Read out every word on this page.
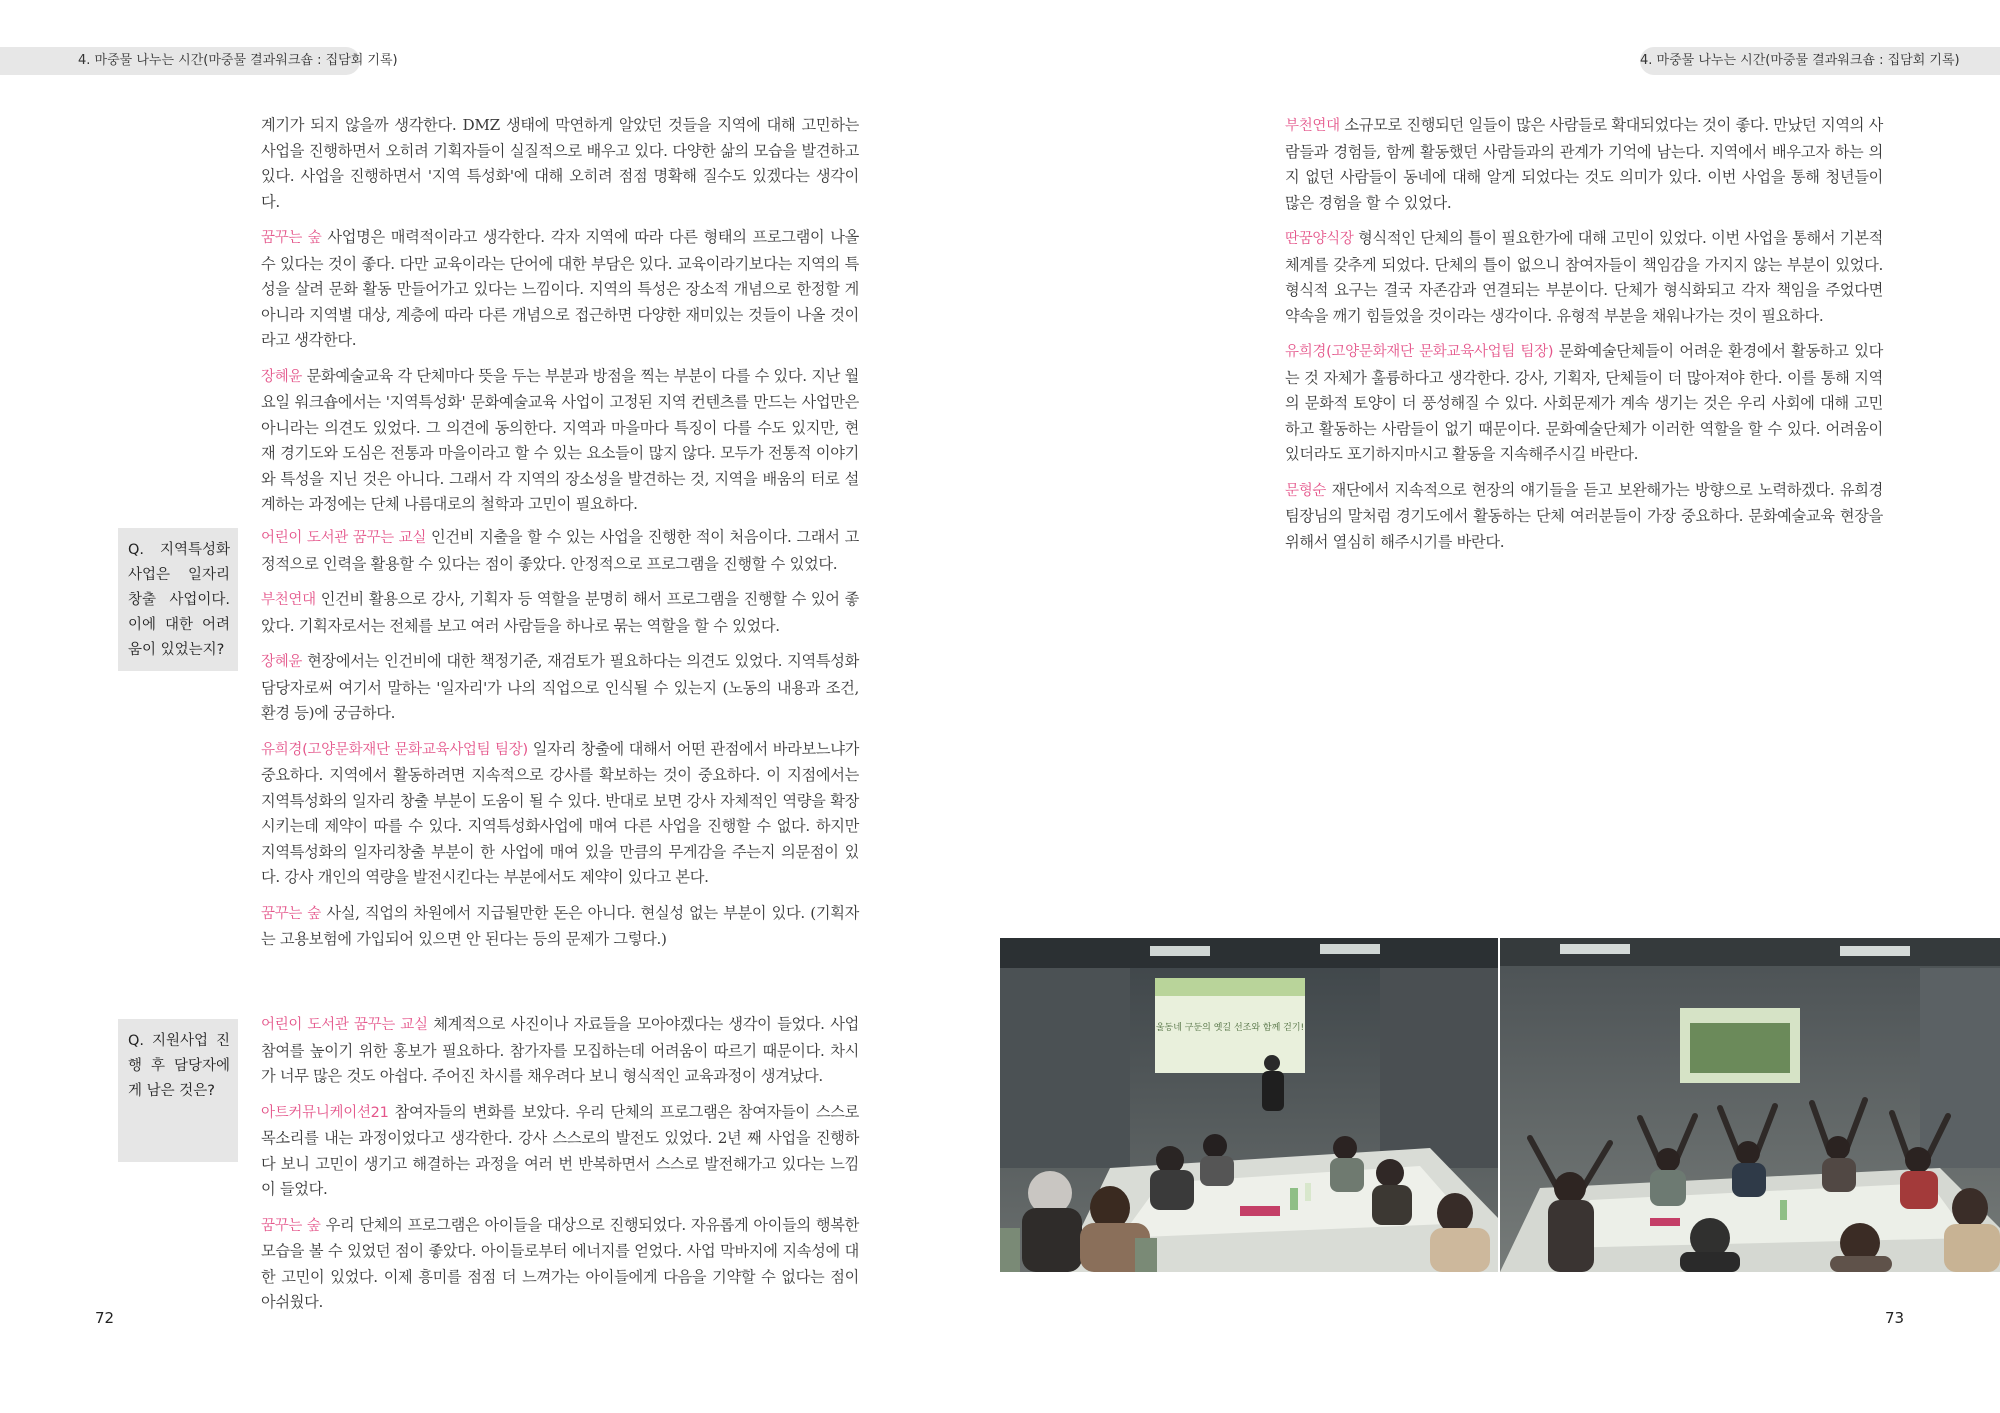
4. 마중물 나누는 시간(마중물 결과워크숍 : 집담회 기록)	4. 마중물 나누는 시간(마중물 결과워크숍 : 집담회 기록)

계기가 되지 않을까 생각한다. DMZ 생태에 막연하게 알았던 것들을 지역에 대해 고민하는 사업을 진행하면서 오히려 기획자들이 실질적으로 배우고 있다. 다양한 삶의 모습을 발견하고 있다. 사업을 진행하면서 '지역 특성화'에 대해 오히려 점점 명확해 질수도 있겠다는 생각이다.

꿈꾸는 숲 사업명은 매력적이라고 생각한다. 각자 지역에 따라 다른 형태의 프로그램이 나올 수 있다는 것이 좋다. 다만 교육이라는 단어에 대한 부담은 있다. 교육이라기보다는 지역의 특성을 살려 문화 활동 만들어가고 있다는 느낌이다. 지역의 특성은 장소적 개념으로 한정할 게 아니라 지역별 대상, 계층에 따라 다른 개념으로 접근하면 다양한 재미있는 것들이 나올 것이라고 생각한다.

장혜윤 문화예술교육 각 단체마다 뜻을 두는 부분과 방점을 찍는 부분이 다를 수 있다. 지난 월요일 워크숍에서는 '지역특성화' 문화예술교육 사업이 고정된 지역 컨텐츠를 만드는 사업만은 아니라는 의견도 있었다. 그 의견에 동의한다. 지역과 마을마다 특징이 다를 수도 있지만, 현재 경기도와 도심은 전통과 마을이라고 할 수 있는 요소들이 많지 않다. 모두가 전통적 이야기와 특성을 지닌 것은 아니다. 그래서 각 지역의 장소성을 발견하는 것, 지역을 배움의 터로 설계하는 과정에는 단체 나름대로의 철학과 고민이 필요하다.

Q. 지역특성화 사업은 일자리 창출 사업이다. 이에 대한 어려움이 있었는지?

어린이 도서관 꿈꾸는 교실 인건비 지출을 할 수 있는 사업을 진행한 적이 처음이다. 그래서 고정적으로 인력을 활용할 수 있다는 점이 좋았다. 안정적으로 프로그램을 진행할 수 있었다.

부천연대 인건비 활용으로 강사, 기획자 등 역할을 분명히 해서 프로그램을 진행할 수 있어 좋았다. 기획자로서는 전체를 보고 여러 사람들을 하나로 묶는 역할을 할 수 있었다.

장혜윤 현장에서는 인건비에 대한 책정기준, 재검토가 필요하다는 의견도 있었다. 지역특성화 담당자로써 여기서 말하는 '일자리'가 나의 직업으로 인식될 수 있는지 (노동의 내용과 조건, 환경 등)에 궁금하다.

유희경(고양문화재단 문화교육사업팀 팀장) 일자리 창출에 대해서 어떤 관점에서 바라보느냐가 중요하다. 지역에서 활동하려면 지속적으로 강사를 확보하는 것이 중요하다. 이 지점에서는 지역특성화의 일자리 창출 부분이 도움이 될 수 있다. 반대로 보면 강사 자체적인 역량을 확장시키는데 제약이 따를 수 있다. 지역특성화사업에 매여 다른 사업을 진행할 수 없다. 하지만 지역특성화의 일자리창출 부분이 한 사업에 매여 있을 만큼의 무게감을 주는지 의문점이 있다. 강사 개인의 역량을 발전시킨다는 부분에서도 제약이 있다고 본다.

꿈꾸는 숲 사실, 직업의 차원에서 지급될만한 돈은 아니다. 현실성 없는 부분이 있다. (기획자는 고용보험에 가입되어 있으면 안 된다는 등의 문제가 그렇다.)

Q. 지원사업 진행 후 담당자에게 남은 것은?

어린이 도서관 꿈꾸는 교실 체계적으로 사진이나 자료들을 모아야겠다는 생각이 들었다. 사업 참여를 높이기 위한 홍보가 필요하다. 참가자를 모집하는데 어려움이 따르기 때문이다. 차시가 너무 많은 것도 아쉽다. 주어진 차시를 채우려다 보니 형식적인 교육과정이 생겨났다.

아트커뮤니케이션21 참여자들의 변화를 보았다. 우리 단체의 프로그램은 참여자들이 스스로 목소리를 내는 과정이었다고 생각한다. 강사 스스로의 발전도 있었다. 2년 째 사업을 진행하다 보니 고민이 생기고 해결하는 과정을 여러 번 반복하면서 스스로 발전해가고 있다는 느낌이 들었다.

꿈꾸는 숲 우리 단체의 프로그램은 아이들을 대상으로 진행되었다. 자유롭게 아이들의 행복한 모습을 볼 수 있었던 점이 좋았다. 아이들로부터 에너지를 얻었다. 사업 막바지에 지속성에 대한 고민이 있었다. 이제 흥미를 점점 더 느껴가는 아이들에게 다음을 기약할 수 없다는 점이 아쉬웠다.

72

부천연대 소규모로 진행되던 일들이 많은 사람들로 확대되었다는 것이 좋다. 만났던 지역의 사람들과 경험들, 함께 활동했던 사람들과의 관계가 기억에 남는다. 지역에서 배우고자 하는 의지 없던 사람들이 동네에 대해 알게 되었다는 것도 의미가 있다. 이번 사업을 통해 청년들이 많은 경험을 할 수 있었다.

딴꿈양식장 형식적인 단체의 틀이 필요한가에 대해 고민이 있었다. 이번 사업을 통해서 기본적 체계를 갖추게 되었다. 단체의 틀이 없으니 참여자들이 책임감을 가지지 않는 부분이 있었다. 형식적 요구는 결국 자존감과 연결되는 부분이다. 단체가 형식화되고 각자 책임을 주었다면 약속을 깨기 힘들었을 것이라는 생각이다. 유형적 부분을 채워나가는 것이 필요하다.

유희경(고양문화재단 문화교육사업팀 팀장) 문화예술단체들이 어려운 환경에서 활동하고 있다는 것 자체가 훌륭하다고 생각한다. 강사, 기획자, 단체들이 더 많아져야 한다. 이를 통해 지역의 문화적 토양이 더 풍성해질 수 있다. 사회문제가 계속 생기는 것은 우리 사회에 대해 고민하고 활동하는 사람들이 없기 때문이다. 문화예술단체가 이러한 역할을 할 수 있다. 어려움이 있더라도 포기하지마시고 활동을 지속해주시길 바란다.

문형순 재단에서 지속적으로 현장의 얘기들을 듣고 보완해가는 방향으로 노력하겠다. 유희경 팀장님의 말처럼 경기도에서 활동하는 단체 여러분들이 가장 중요하다. 문화예술교육 현장을 위해서 열심히 해주시기를 바란다.

울동네 구둔의 옛길 선조와 함께 걷기!
73
